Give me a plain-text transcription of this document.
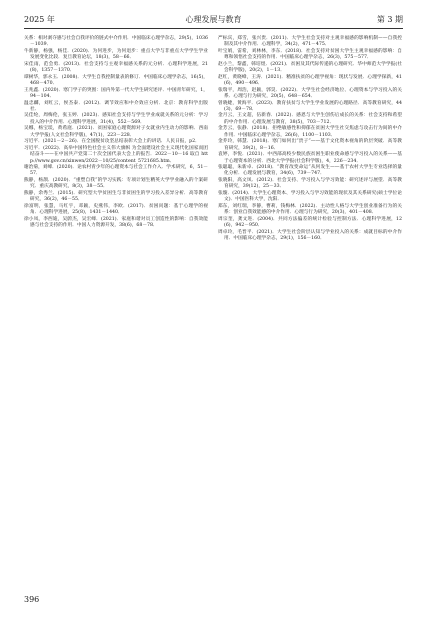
2025 年	心理发展与教育	第 3 期

关系：相对剥夺感与社会自我评价的链式中介作用．中国临床心理学杂志，29(5)，1036－1039．

牛新静，杨强，杨佳．(2020)．为何进步，为何退步：重点大学与非重点大学学生学业发展变化比较．复旦教育论坛，18(3)，58－66．

宋佳雨，范会勇．(2013)．社会支持与主观幸福感关系的元分析．心理科学进展，21(8)，1357－1370．

谭树华，郭永玉．(2008)．大学生自我控制量表的修订．中国临床心理学杂志，16(5)，468－470．

王兆鑫．(2020)．寒门学子的突围：国内外第一代大学生研究述评．中国青年研究，1，94－104．

温忠麟，刘红云，侯杰泰．(2012)．调节效应和中介效应分析．北京：教育科学出版社．

吴佳纶，周梅伦，张玉婷．(2023)．感知社会支持与学生学业成就关系的元分析：学习投入的中介作用．心理科学进展，31(4)，552－569．

吴娜，杨宝琰，黄希庭．(2021)．贫困家庭心理资源对子女就业内生动力的影响．西南大学学报(人文社会科学版)，47(1)，223－228．

习近平．(2021－2－26)．在全国脱贫攻坚总结表彰大会上的讲话．人民日报，p2．

习近平．(2022)．高举中国特色社会主义伟大旗帜 为全面建设社会主义现代化国家而团结奋斗——在中国共产党第二十次全国代表大会上的报告．2022－10－16 取自 http://www.gov.cn/xinwen/2022－10/25/content_5721685.htm．

谢治菊，刘峰．(2020)．论农村青少年的心理资本与社会工作介入．学术研究，6，51－57．

熊静，杨颉．(2020)．“重塑自我”的学习实践：专项计划生精英大学学业融入的个案研究．重庆高教研究，8(3)，38－55．

熊静，余秀兰．(2015)．研究型大学贫困生与非贫困生的学习投入差异分析．高等教育研究，36(2)，46－55．

徐富明，张慧，马红宇，邓颖，史燕伟，李欧．(2017)．贫困问题：基于心理学的视角．心理科学进展，25(8)，1431－1440．

徐小凤，李西迪，吴蔚杰，吴宏峰．(2021)．家庭和谐对员工创造性的影响：自我效能感与社会支持的作用．中国人力资源开发，38(6)，68－78．

严标宾，郑雪，张兴贵．(2011)．大学生社会支持对主观幸福感的影响机制——自我控制及其中介作用．心理科学，34(2)，471－475．

叶宝娟，雷希，刘林林，李东．(2018)．社会支持对贫困大学生主观幸福感的影响：自尊和领悟社会支持的作用．中国临床心理学杂志，26(3)，575－577．

赵小兰，黎鑫，韩培煜．(2021)．贫困及其代际传递的心理研究．华中师范大学学报(社会科学版)，20(2)，1－13．

赵红，黄晓峰，王涛．(2021)．精准扶贫的心理学视角：现状与发展．心理学探新，41(6)，490－496．

张瑞平，周浩，赵颖，郭昊．(2022)．大学生社会经济地位、心理资本与学习投入的关系．心理与行为研究，20(5)，648－654．

曾晓婕，黄海平．(2023)．教育扶贫与大学生学业发展的心理路径．高等教育研究，44(3)，69－78．

金月云，王文超，伍新春．(2022)．感恩与大学生创伤后成长的关系：社会支持和希望的中介作用．心理发展与教育，38(5)，703－712．

金芳云，张静．(2018)．拒绝敏感性和抑郁在贫困大学生社交焦虑与攻击行为间的中介作用．中国临床心理学杂志，26(6)，1100－1103．

金乔玲，韩慧．(2018)．寒门如何出“贵子”——基于文化资本视角的阶层突破．高等教育研究，39(2)，8－16．

袁婷，李悦．(2021)．中西部高校少数民族贫困生职业使命感与学习投入的关系——基于心理资本的分析．西北大学学报(社会科学版)，4，226－234．

张聪聪，朱新卓．(2018)．“教育改变命运”从何发生——基于农村大学生专业选择的量化分析．心理发展与教育，34(6)，739－747．

张晓阳，高文凤．(2012)．社会支持、学习投入与学习效能：研究述评与展望．高等教育研究，39(12)，25－33．

张璇．(2014)．大学生心理资本、学习投入与学习效能的现状及其关系研究(硕士学位论文)．中国医科大学，沈阳．

郑东，刘红瑞，李静，曹莉，钱梅林．(2022)．主动性人格与大学生创业准备行为的关系：创业自我效能感的中介作用．心理与行为研究，20(3)，401－408．

周宗奎，龚文进．(2004)．共同方法偏差的统计检验与控制方法．心理科学进展，12(6)，942－950．

周卓玲，毛晋平．(2021)．大学生社会阶层认知与学业投入的关系：成就目标的中介作用．中国临床心理学杂志，29(1)，156－160．

396
